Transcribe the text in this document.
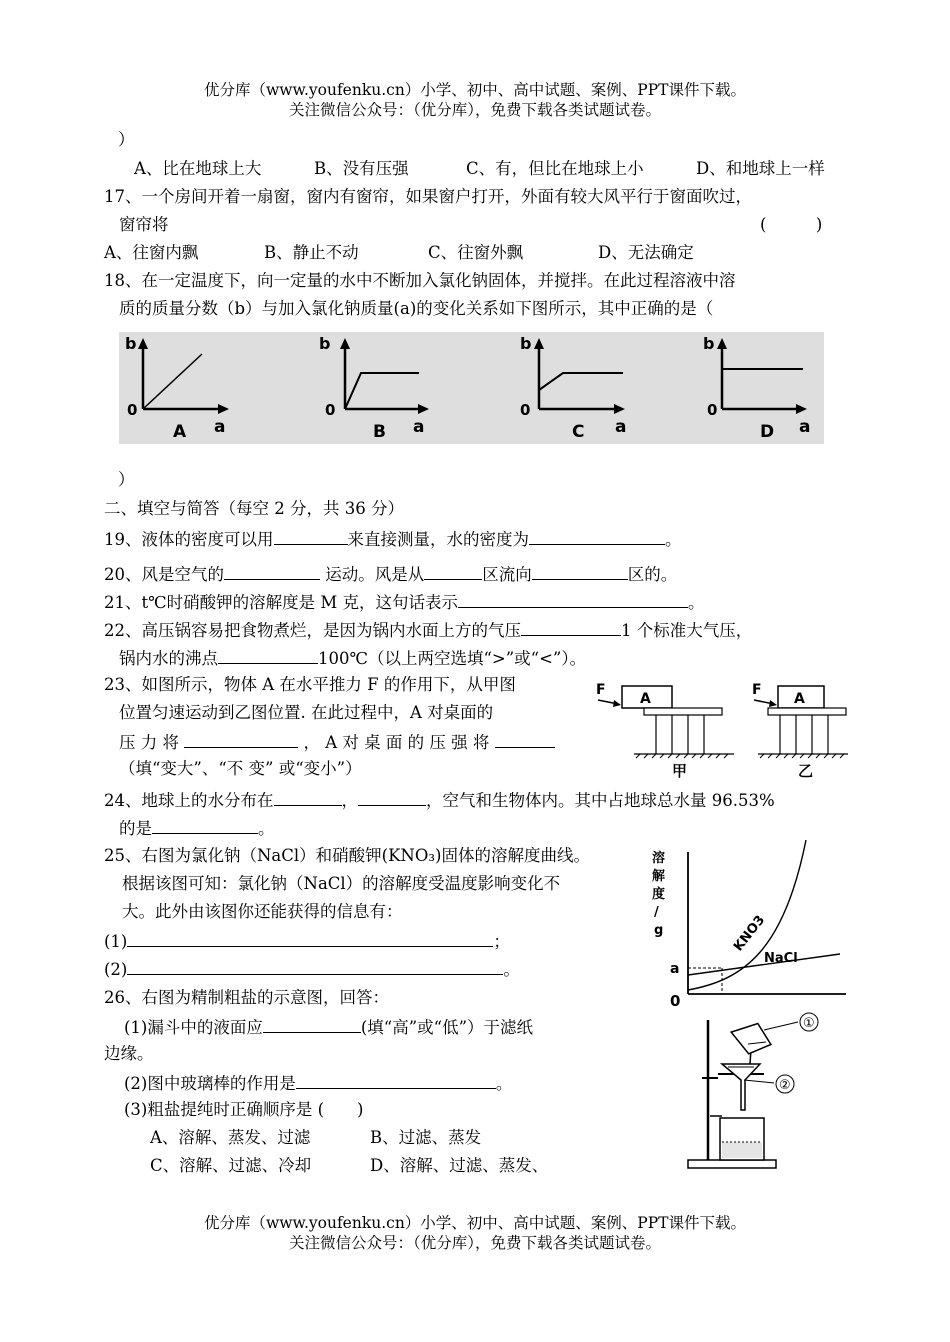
优分库（www.youfenku.cn）小学、初中、高中试题、案例、PPT课件下载。
关注微信公众号：（优分库），免费下载各类试题试卷。
）
A、比在地球上大	B、没有压强	C、有，但比在地球上小	D、和地球上一样
17、一个房间开着一扇窗，窗内有窗帘，如果窗户打开，外面有较大风平行于窗面吹过，
窗帘将	(　　　)
A、往窗内飘	B、静止不动	C、往窗外飘	D、无法确定
18、在一定温度下，向一定量的水中不断加入氯化钠固体，并搅拌。在此过程溶液中溶
质的质量分数（b）与加入氯化钠质量(a)的变化关系如下图所示，其中正确的是（
b
0
A a
b
0
B a
b
0
C a
b
0
D a
）
二、填空与简答（每空 2 分，共 36 分）
19、液体的密度可以用	来直接测量，水的密度为	。
20、风是空气的	运动。风是从	区流向	区的。
21、t℃时硝酸钾的溶解度是 M 克，这句话表示	。
22、高压锅容易把食物煮烂，是因为锅内水面上方的气压	1 个标准大气压，
锅内水的沸点	100℃（以上两空选填“>”或“<”）。
23、如图所示，物体 A 在水平推力 F 的作用下，从甲图
位置匀速运动到乙图位置. 在此过程中，A 对桌面的
压 力 将	， A 对 桌 面 的 压 强 将
（填“变大”、“不 变” 或“变小”）
F
A
甲
F
A
乙
24、地球上的水分布在	，	，空气和生物体内。其中占地球总水量 96.53%
的是	。
25、右图为氯化钠（NaCl）和硝酸钾(KNO₃)固体的溶解度曲线。
根据该图可知：氯化钠（NaCl）的溶解度受温度影响变化不
大。此外由该图你还能获得的信息有：
(1)	；
(2)	。
溶解度/ g	KNO3
NaCl
a
0
26、右图为精制粗盐的示意图，回答：
(1)漏斗中的液面应	(填“高”或“低”）于滤纸
边缘。
(2)图中玻璃棒的作用是	。
(3)粗盐提纯时正确顺序是 (　　)
A、溶解、蒸发、过滤	B、过滤、蒸发
C、溶解、过滤、冷却	D、溶解、过滤、蒸发、
①
②
优分库（www.youfenku.cn）小学、初中、高中试题、案例、PPT课件下载。
关注微信公众号：（优分库），免费下载各类试题试卷。
